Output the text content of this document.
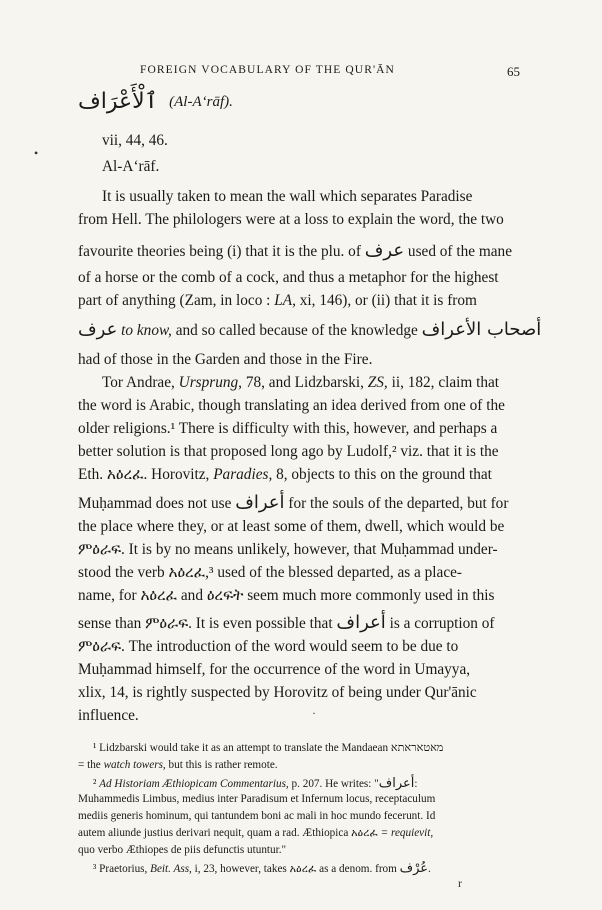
FOREIGN VOCABULARY OF THE QUR'ĀN	65
ٱلْأَعْرَاف (Al-A‘rāf).
•
vii, 44, 46.
Al-A‘rāf.
It is usually taken to mean the wall which separates Paradise
from Hell. The philologers were at a loss to explain the word, the two
favourite theories being (i) that it is the plu. of عرف used of the mane
of a horse or the comb of a cock, and thus a metaphor for the highest
part of anything (Zam, in loco : LA, xi, 146), or (ii) that it is from
عرف to know, and so called because of the knowledge أصحاب الأعراف
had of those in the Garden and those in the Fire.
Tor Andrae, Ursprung, 78, and Lidzbarski, ZS, ii, 182, claim that
the word is Arabic, though translating an idea derived from one of the
older religions.¹ There is difficulty with this, however, and perhaps a
better solution is that proposed long ago by Ludolf,² viz. that it is the
Eth. አዕረፈ. Horovitz, Paradies, 8, objects to this on the ground that
Muḥammad does not use أعراف for the souls of the departed, but for
the place where they, or at least some of them, dwell, which would be
ምዕራፍ. It is by no means unlikely, however, that Muḥammad under-
stood the verb አዕረፈ,³ used of the blessed departed, as a place-
name, for አዕረፈ and ዕረፍት seem much more commonly used in this
sense than ምዕራፍ. It is even possible that أعراف is a corruption of
ምዕራፍ. The introduction of the word would seem to be due to
Muḥammad himself, for the occurrence of the word in Umayya,
xlix, 14, is rightly suspected by Horovitz of being under Qur'ānic
influence.	·
¹ Lidzbarski would take it as an attempt to translate the Mandaean מאטאראתא
= the watch towers, but this is rather remote.
² Ad Historiam Æthiopicam Commentarius, p. 207. He writes: "أعراف:
Muhammedis Limbus, medius inter Paradisum et Infernum locus, receptaculum
mediis generis hominum, qui tantundem boni ac mali in hoc mundo fecerunt. Id
autem aliunde justius derivari nequit, quam a rad. Æthiopica አዕረፈ = requievit,
quo verbo Æthiopes de piis defunctis utuntur."
³ Praetorius, Beit. Ass, i, 23, however, takes አዕረፈ as a denom. from عُرْف.
r
